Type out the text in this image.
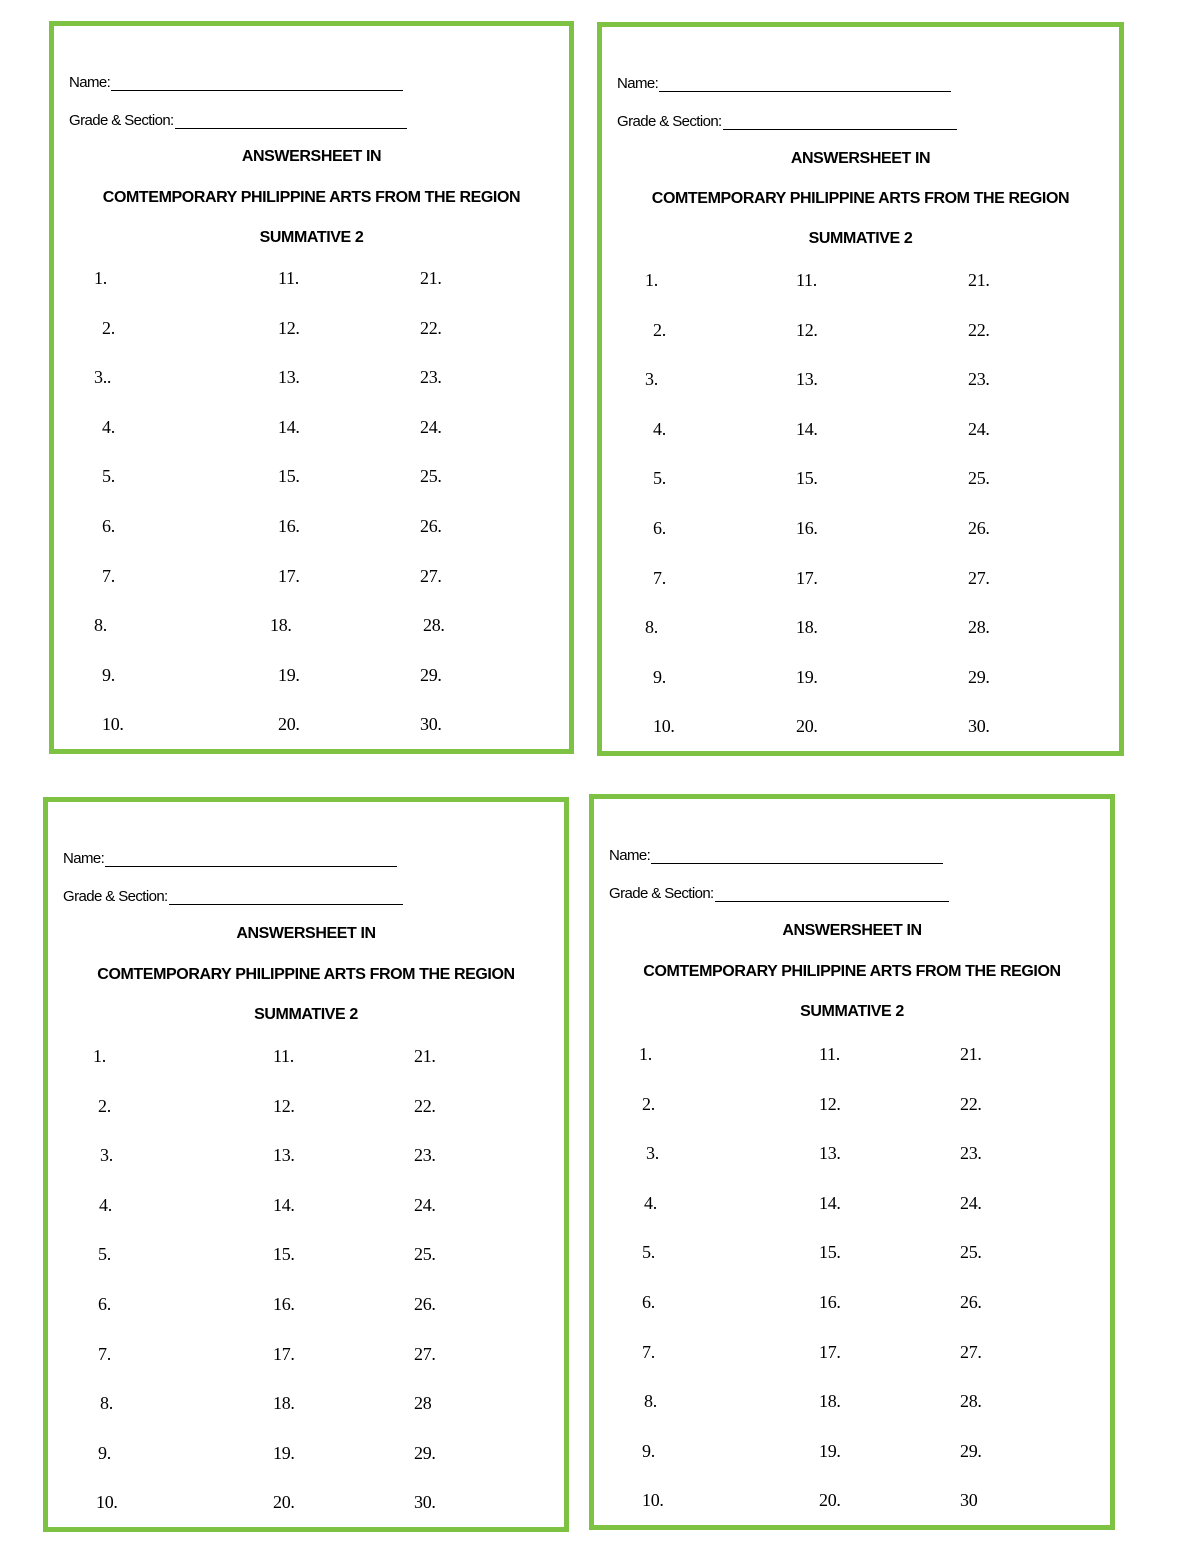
Name:
Grade & Section:
ANSWERSHEET IN
COMTEMPORARY PHILIPPINE ARTS FROM THE REGION
SUMMATIVE 2
1.
2.
3..
4.
5.
6.
7.
8.
9.
10.
11.
12.
13.
14.
15.
16.
17.
18.
19.
20.
21.
22.
23.
24.
25.
26.
27.
28.
29.
30.
Name:
Grade & Section:
ANSWERSHEET IN
COMTEMPORARY PHILIPPINE ARTS FROM THE REGION
SUMMATIVE 2
1.
2.
3.
4.
5.
6.
7.
8.
9.
10.
11.
12.
13.
14.
15.
16.
17.
18.
19.
20.
21.
22.
23.
24.
25.
26.
27.
28.
29.
30.
Name:
Grade & Section:
ANSWERSHEET IN
COMTEMPORARY PHILIPPINE ARTS FROM THE REGION
SUMMATIVE 2
1.
2.
3.
4.
5.
6.
7.
8.
9.
10.
11.
12.
13.
14.
15.
16.
17.
18.
19.
20.
21.
22.
23.
24.
25.
26.
27.
28
29.
30.
Name:
Grade & Section:
ANSWERSHEET IN
COMTEMPORARY PHILIPPINE ARTS FROM THE REGION
SUMMATIVE 2
1.
2.
3.
4.
5.
6.
7.
8.
9.
10.
11.
12.
13.
14.
15.
16.
17.
18.
19.
20.
21.
22.
23.
24.
25.
26.
27.
28.
29.
30
